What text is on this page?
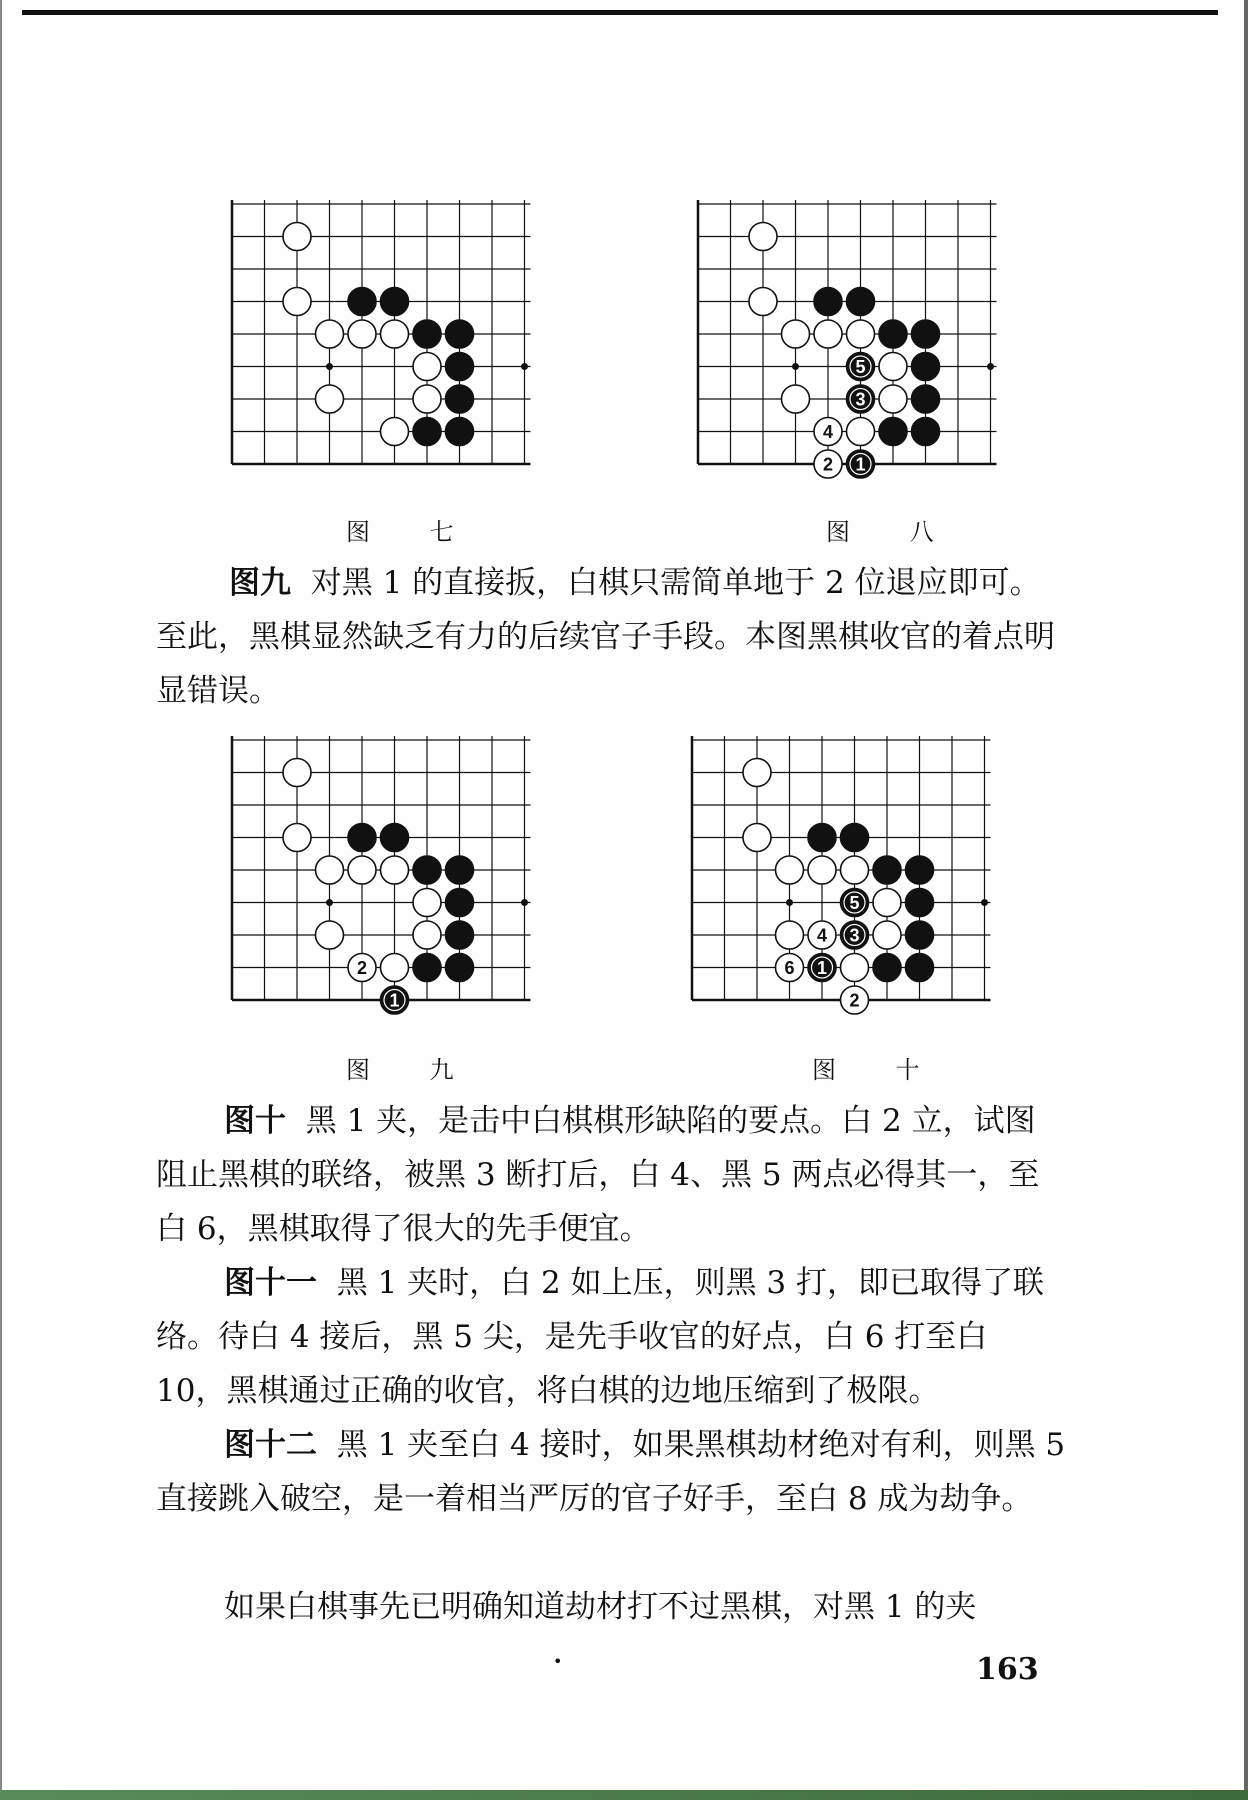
图 七
5
3
4
2 1
图 八

图九 对黑 1 的直接扳，白棋只需简单地于 2 位退应即可。至此，黑棋显然缺乏有力的后续官子手段。本图黑棋收官的着点明显错误。

2
1
图 九
5
4 3
6 1
2
图 十

图十 黑 1 夹，是击中白棋棋形缺陷的要点。白 2 立，试图阻止黑棋的联络，被黑 3 断打后，白 4、黑 5 两点必得其一，至白 6，黑棋取得了很大的先手便宜。

图十一 黑 1 夹时，白 2 如上压，则黑 3 打，即已取得了联络。待白 4 接后，黑 5 尖，是先手收官的好点，白 6 打至白 10，黑棋通过正确的收官，将白棋的边地压缩到了极限。

图十二 黑 1 夹至白 4 接时，如果黑棋劫材绝对有利，则黑 5 直接跳入破空，是一着相当严厉的官子好手，至白 8 成为劫争。

如果白棋事先已明确知道劫材打不过黑棋，对黑 1 的夹

•	163
